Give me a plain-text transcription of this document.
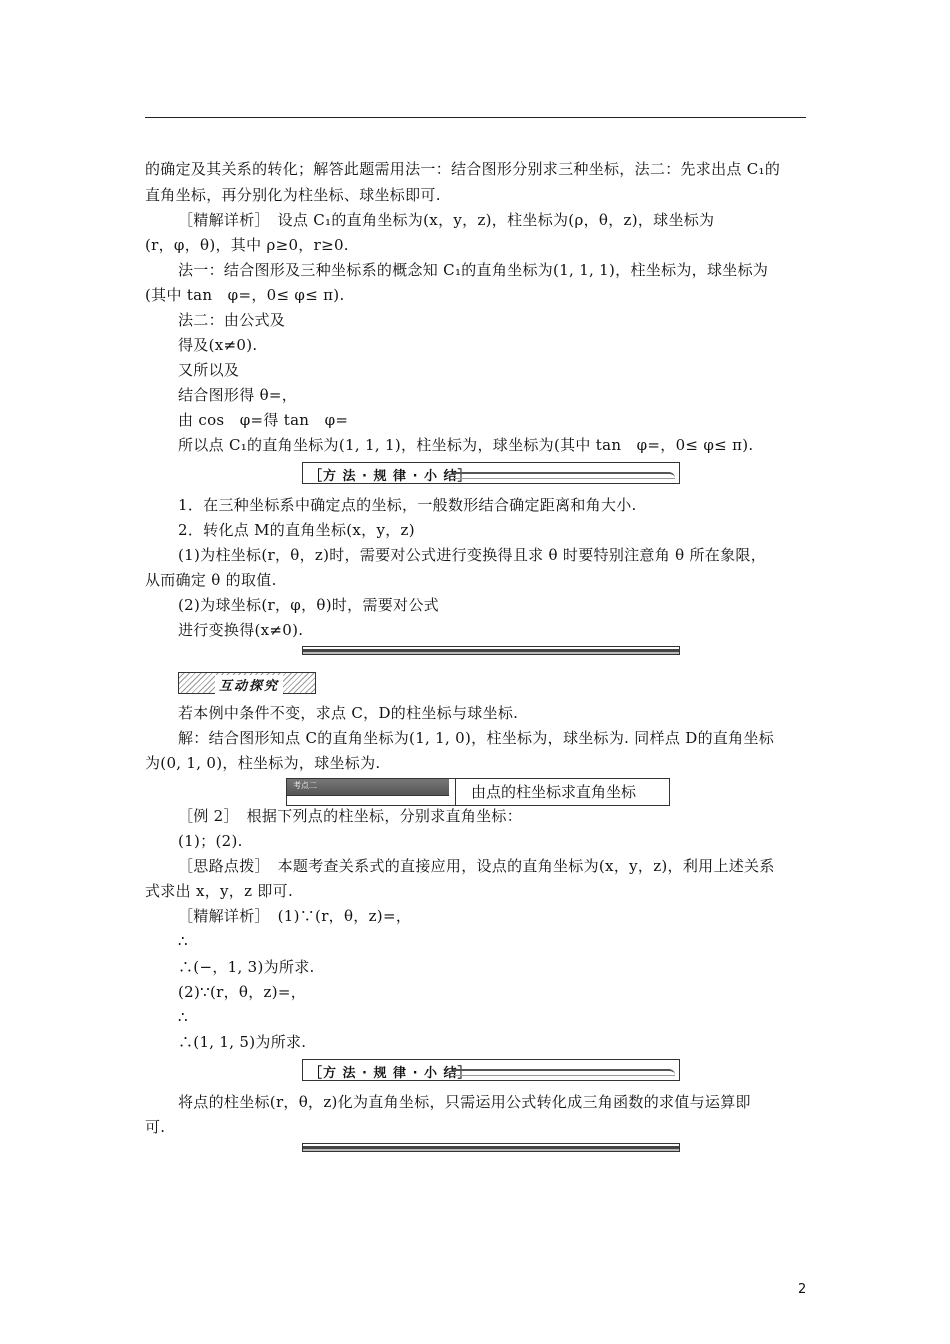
的确定及其关系的转化；解答此题需用法一：结合图形分别求三种坐标，法二：先求出点 C₁的
直角坐标，再分别化为柱坐标、球坐标即可.
［精解详析］　设点 C₁的直角坐标为(x，y，z)，柱坐标为(ρ，θ，z)，球坐标为
(r，φ，θ)，其中 ρ≥0，r≥0.
法一：结合图形及三种坐标系的概念知 C₁的直角坐标为(1, 1, 1)，柱坐标为，球坐标为
(其中 tan　φ=，0≤ φ≤ π).
法二：由公式及
得及(x≠0).
又所以及
结合图形得 θ=，
由 cos　φ=得 tan　φ=
所以点 C₁的直角坐标为(1, 1, 1)，柱坐标为，球坐标为(其中 tan　φ=，0≤ φ≤ π).
［方 法 · 规 律 · 小 结］
1．在三种坐标系中确定点的坐标，一般数形结合确定距离和角大小.
2．转化点 M的直角坐标(x，y，z)
(1)为柱坐标(r，θ，z)时，需要对公式进行变换得且求 θ 时要特别注意角 θ 所在象限，
从而确定 θ 的取值.
(2)为球坐标(r，φ，θ)时，需要对公式
进行变换得(x≠0).
互动探究
若本例中条件不变，求点 C，D的柱坐标与球坐标.
解：结合图形知点 C的直角坐标为(1, 1, 0)，柱坐标为，球坐标为. 同样点 D的直角坐标
为(0, 1, 0)，柱坐标为，球坐标为.
考点二	由点的柱坐标求直角坐标
［例 2］　根据下列点的柱坐标，分别求直角坐标：
(1)；(2).
［思路点拨］　本题考查关系式的直接应用，设点的直角坐标为(x，y，z)，利用上述关系
式求出 x，y，z 即可.
［精解详析］　(1)∵(r，θ，z)=，
∴
∴(−，1, 3)为所求.
(2)∵(r，θ，z)=，
∴
∴(1, 1, 5)为所求.
［方 法 · 规 律 · 小 结］
将点的柱坐标(r，θ，z)化为直角坐标，只需运用公式转化成三角函数的求值与运算即
可.
2
